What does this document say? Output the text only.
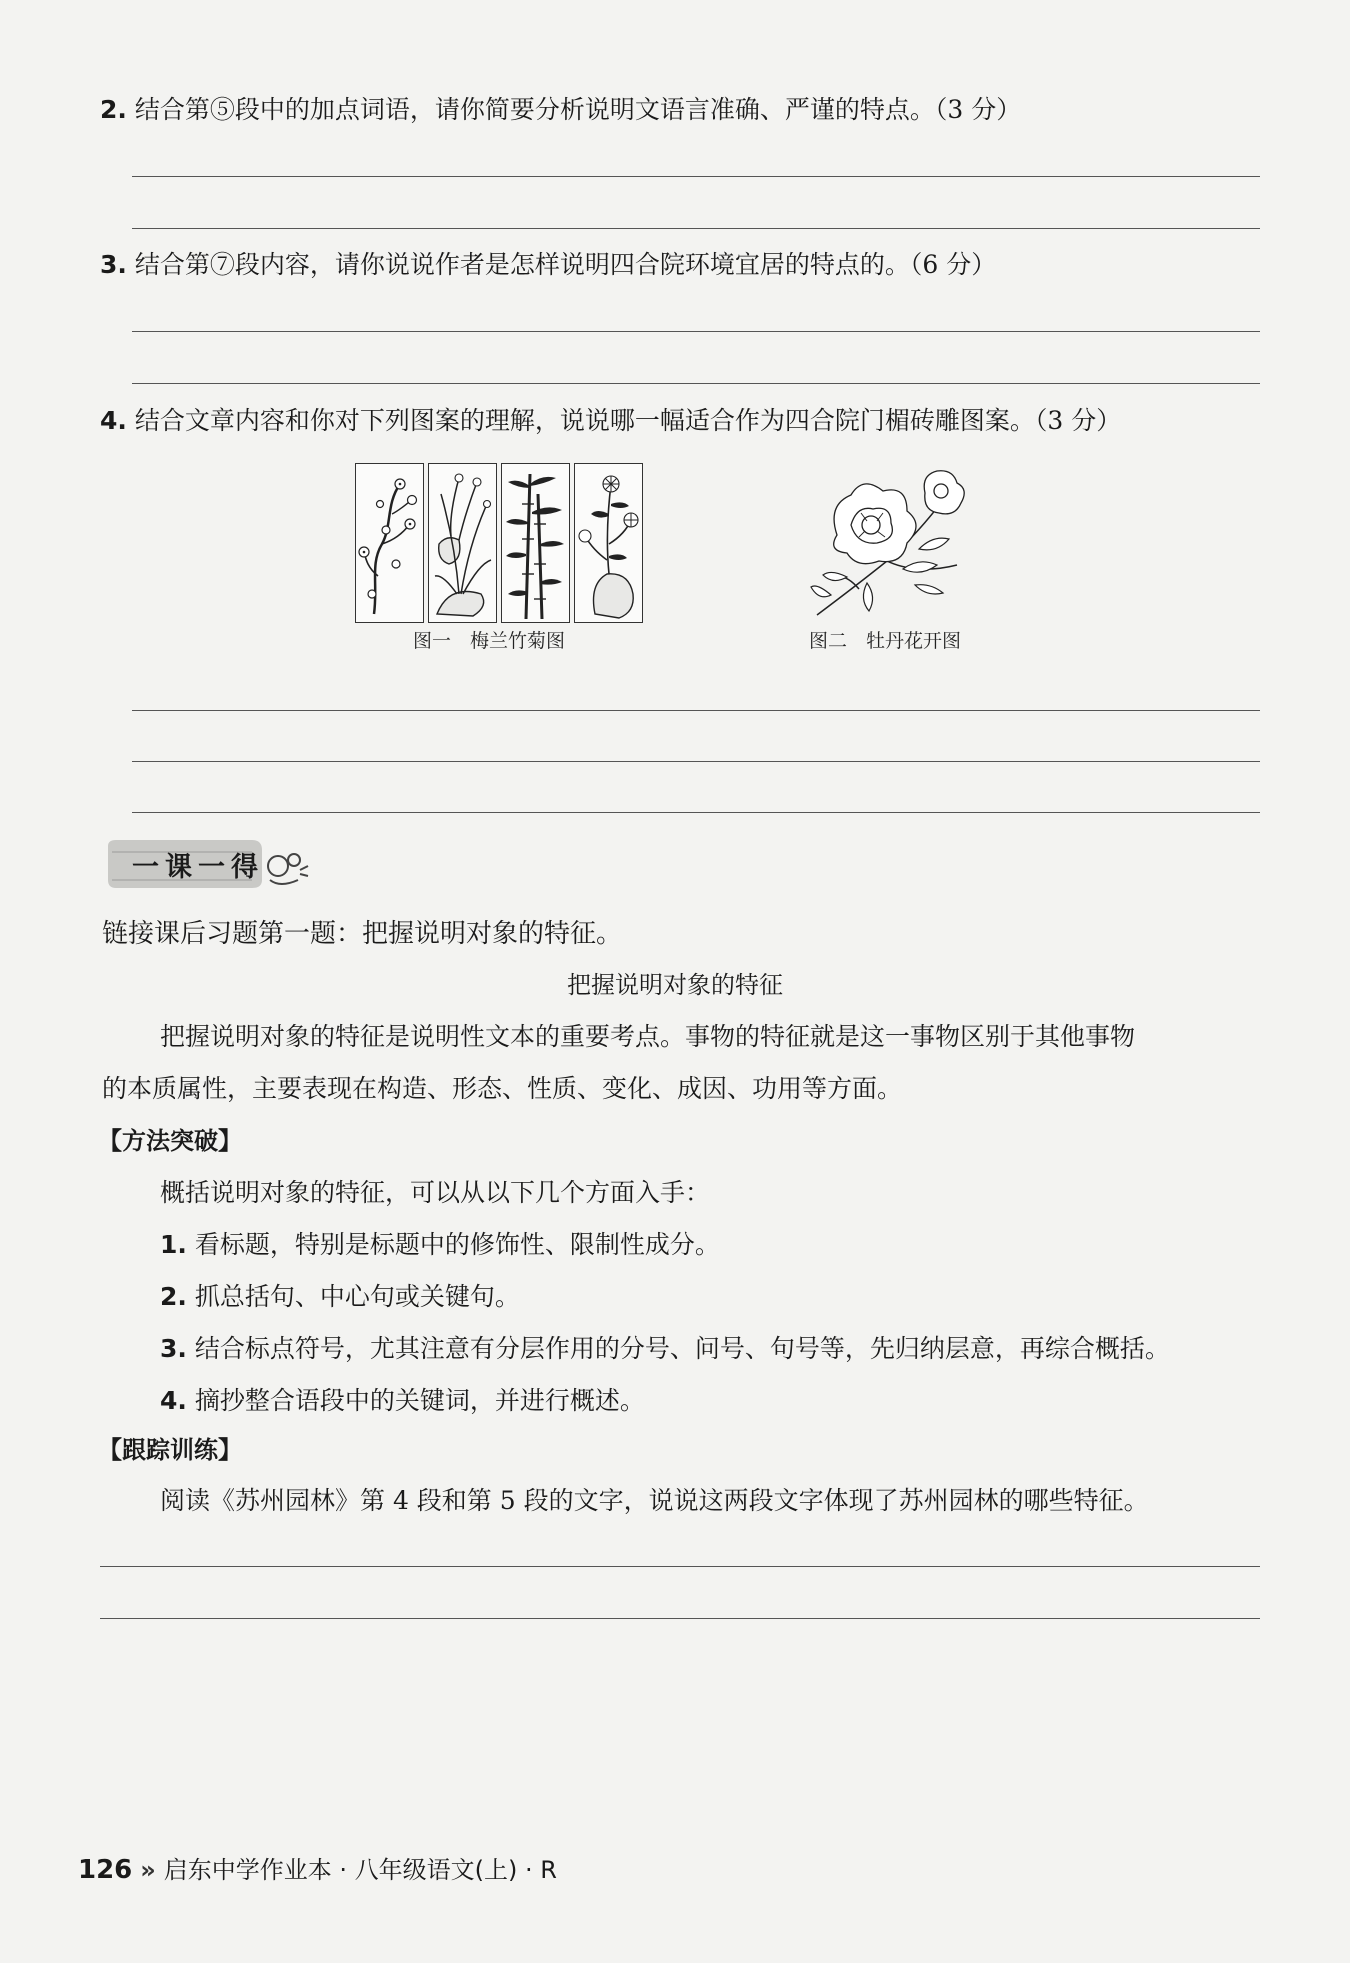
2. 结合第⑤段中的加点词语，请你简要分析说明文语言准确、严谨的特点。（3 分）
3. 结合第⑦段内容，请你说说作者是怎样说明四合院环境宜居的特点的。（6 分）
4. 结合文章内容和你对下列图案的理解，说说哪一幅适合作为四合院门楣砖雕图案。（3 分）
图一　梅兰竹菊图	图二　牡丹花开图
一课一得
链接课后习题第一题：把握说明对象的特征。
把握说明对象的特征
把握说明对象的特征是说明性文本的重要考点。事物的特征就是这一事物区别于其他事物
的本质属性，主要表现在构造、形态、性质、变化、成因、功用等方面。
【方法突破】
概括说明对象的特征，可以从以下几个方面入手：
1. 看标题，特别是标题中的修饰性、限制性成分。
2. 抓总括句、中心句或关键句。
3. 结合标点符号，尤其注意有分层作用的分号、问号、句号等，先归纳层意，再综合概括。
4. 摘抄整合语段中的关键词，并进行概述。
【跟踪训练】
阅读《苏州园林》第 4 段和第 5 段的文字，说说这两段文字体现了苏州园林的哪些特征。
126 » 启东中学作业本 · 八年级语文(上) · R
